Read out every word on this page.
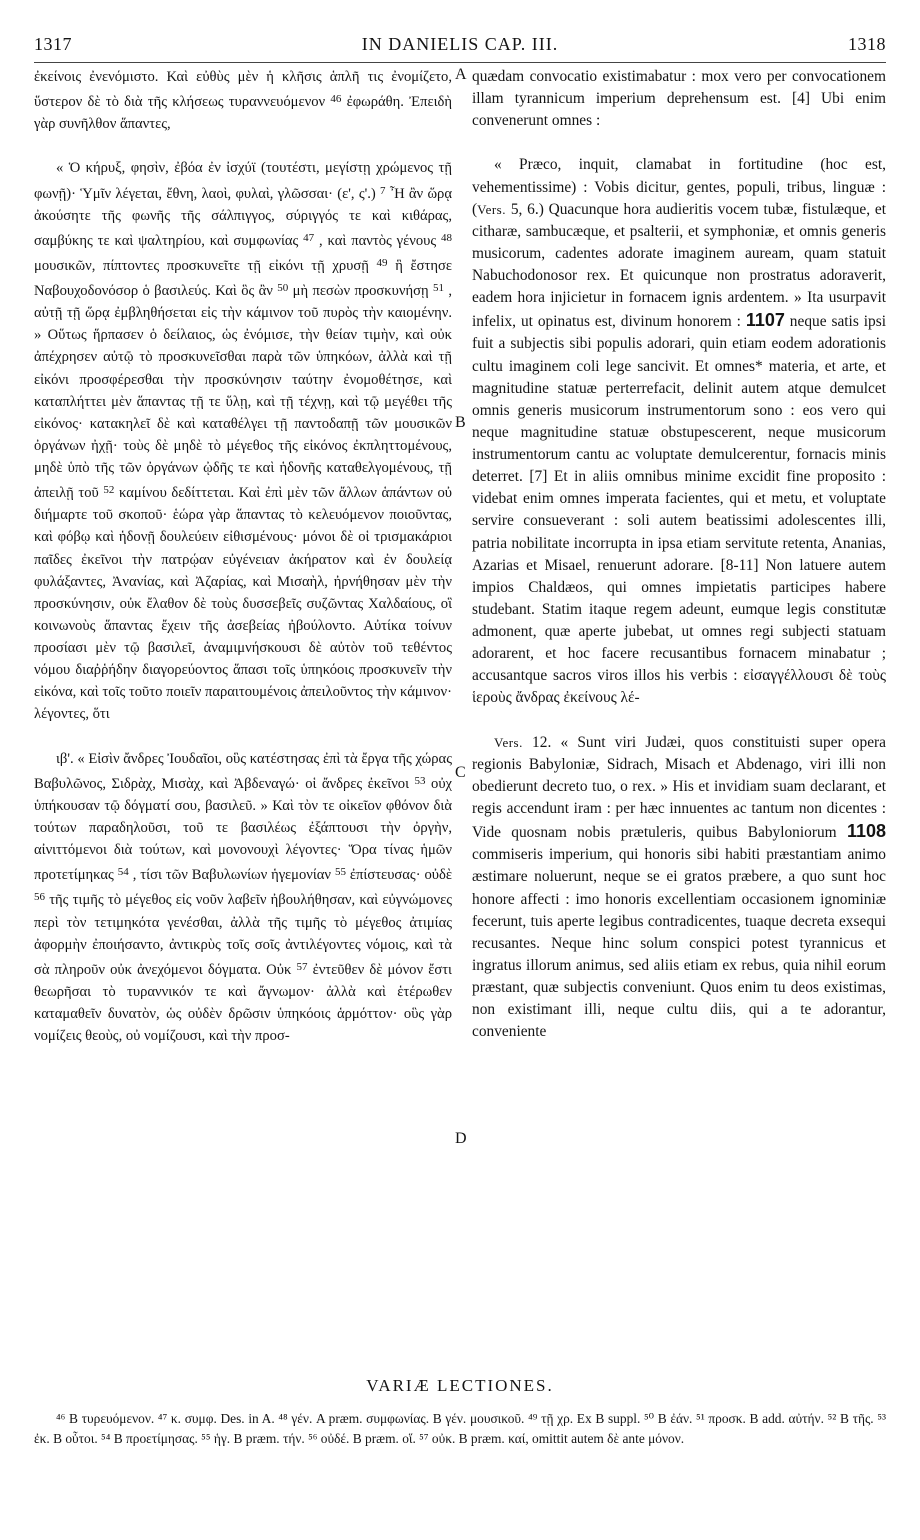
1317	IN DANIELIS CAP. III.	1318

ἐκείνοις ἐνενόμιστο. Καὶ εὐθὺς μὲν ἡ κλῆσις ἁπλῆ τις ἐνομίζετο, ὕστερον δὲ τὸ διὰ τῆς κλήσεως τυραννευόμενον $^{46}$ ἐφωράθη. Ἐπειδὴ γὰρ συνῆλθον ἅπαντες,

« Ὁ κήρυξ, φησὶν, ἐβόα ἐν ἰσχύϊ (τουτέστι, μεγίστῃ χρώμενος τῇ φωνῇ)· Ὑμῖν λέγεται, ἔθνη, λαοὶ, φυλαὶ, γλῶσσαι· (ε', ς'.) $^7$ Ἦ ἂν ὥρᾳ ἀκούσητε τῆς φωνῆς τῆς σάλπιγγος, σύριγγός τε καὶ κιθάρας, σαμβύκης τε καὶ ψαλτηρίου, καὶ συμφωνίας $^{47}$ , καὶ παντὸς γένους $^{48}$ μουσικῶν, πίπτοντες προσκυνεῖτε τῇ εἰκόνι τῇ χρυσῇ $^{49}$ ἣ ἔστησε Ναβουχοδονόσορ ὁ βασιλεύς. Καὶ ὃς ἂν $^{50}$ μὴ πεσὼν προσκυνήσῃ $^{51}$ , αὐτῇ τῇ ὥρᾳ ἐμβληθήσεται εἰς τὴν κάμινον τοῦ πυρὸς τὴν καιομένην. » Οὕτως ἥρπασεν ὁ δείλαιος, ὡς ἐνόμισε, τὴν θείαν τιμὴν, καὶ οὐκ ἀπέχρησεν αὐτῷ τὸ προσκυνεῖσθαι παρὰ τῶν ὑπηκόων, ἀλλὰ καὶ τῇ εἰκόνι προσφέρεσθαι τὴν προσκύνησιν ταύτην ἐνομοθέτησε, καὶ καταπλήττει μὲν ἅπαντας τῇ τε ὕλῃ, καὶ τῇ τέχνῃ, καὶ τῷ μεγέθει τῆς εἰκόνος· κατακηλεῖ δὲ καὶ καταθέλγει τῇ παντοδαπῇ τῶν μουσικῶν ὀργάνων ἠχῇ· τοὺς δὲ μηδὲ τὸ μέγεθος τῆς εἰκόνος ἐκπληττομένους, μηδὲ ὑπὸ τῆς τῶν ὀργάνων ᾠδῆς τε καὶ ἡδονῆς καταθελγομένους, τῇ ἀπειλῇ τοῦ $^{52}$ καμίνου δεδίττεται. Καὶ ἐπὶ μὲν τῶν ἄλλων ἁπάντων οὐ διήμαρτε τοῦ σκοποῦ· ἑώρα γὰρ ἅπαντας τὸ κελευόμενον ποιοῦντας, καὶ φόβῳ καὶ ἡδονῇ δουλεύειν εἰθισμένους· μόνοι δὲ οἱ τρισμακάριοι παῖδες ἐκεῖνοι τὴν πατρῴαν εὐγένειαν ἀκήρατον καὶ ἐν δουλείᾳ φυλάξαντες, Ἀνανίας, καὶ Ἀζαρίας, καὶ Μισαὴλ, ἠρνήθησαν μὲν τὴν προσκύνησιν, οὐκ ἔλαθον δὲ τοὺς δυσσεβεῖς συζῶντας Χαλδαίους, οἳ κοινωνοὺς ἅπαντας ἔχειν τῆς ἀσεβείας ἠβούλοντο. Αὐτίκα τοίνυν προσίασι μὲν τῷ βασιλεῖ, ἀναμιμνήσκουσι δὲ αὐτὸν τοῦ τεθέντος νόμου διαῤῥήδην διαγορεύοντος ἅπασι τοῖς ὑπηκόοις προσκυνεῖν τὴν εἰκόνα, καὶ τοῖς τοῦτο ποιεῖν παραιτουμένοις ἀπειλοῦντος τὴν κάμινον· λέγοντες, ὅτι

ιβ'. « Εἰσὶν ἄνδρες Ἰουδαῖοι, οὓς κατέστησας ἐπὶ τὰ ἔργα τῆς χώρας Βαβυλῶνος, Σιδρὰχ, Μισὰχ, καὶ Ἀβδεναγώ· οἱ ἄνδρες ἐκεῖνοι $^{53}$ οὐχ ὑπήκουσαν τῷ δόγματί σου, βασιλεῦ. » Καὶ τὸν τε οἰκεῖον φθόνον διὰ τούτων παραδηλοῦσι, τοῦ τε βασιλέως ἐξάπτουσι τὴν ὀργὴν, αἰνιττόμενοι διὰ τούτων, καὶ μονονουχὶ λέγοντες· Ὅρα τίνας ἡμῶν προτετίμηκας $^{54}$ , τίσι τῶν Βαβυλωνίων ἡγεμονίαν $^{55}$ ἐπίστευσας· οὐδὲ $^{56}$ τῆς τιμῆς τὸ μέγεθος εἰς νοῦν λαβεῖν ἠβουλήθησαν, καὶ εὐγνώμονες περὶ τὸν τετιμηκότα γενέσθαι, ἀλλὰ τῆς τιμῆς τὸ μέγεθος ἀτιμίας ἀφορμὴν ἐποιήσαντο, ἀντικρὺς τοῖς σοῖς ἀντιλέγοντες νόμοις, καὶ τὰ σὰ πληροῦν οὐκ ἀνεχόμενοι δόγματα. Οὐκ $^{57}$ ἐντεῦθεν δὲ μόνον ἔστι θεωρῆσαι τὸ τυραννικόν τε καὶ ἄγνωμον· ἀλλὰ καὶ ἑτέρωθεν καταμαθεῖν δυνατὸν, ὡς οὐδὲν δρῶσιν ὑπηκόοις ἁρμόττον· οὓς γὰρ νομίζεις θεοὺς, οὐ νομίζουσι, καὶ τὴν προσ-

A
B
C
D

quædam convocatio existimabatur : mox vero per convocationem illam tyrannicum imperium deprehensum est. [4] Ubi enim convenerunt omnes :

« Præco, inquit, clamabat in fortitudine (hoc est, vehementissime) : Vobis dicitur, gentes, populi, tribus, linguæ : (Vers. 5, 6.) Quacunque hora audieritis vocem tubæ, fistulæque, et citharæ, sambucæque, et psalterii, et symphoniæ, et omnis generis musicorum, cadentes adorate imaginem auream, quam statuit Nabuchodonosor rex. Et quicunque non prostratus adoraverit, eadem hora injicietur in fornacem ignis ardentem. » Ita usurpavit infelix, ut opinatus est, divinum honorem : 1107 neque satis ipsi fuit a subjectis sibi populis adorari, quin etiam eodem adorationis cultu imaginem coli lege sancivit. Et omnes* materia, et arte, et magnitudine statuæ perterrefacit, delinit autem atque demulcet omnis generis musicorum instrumentorum sono : eos vero qui neque magnitudine statuæ obstupescerent, neque musicorum instrumentorum cantu ac voluptate demulcerentur, fornacis minis deterret. [7] Et in aliis omnibus minime excidit fine proposito : videbat enim omnes imperata facientes, qui et metu, et voluptate servire consueverant : soli autem beatissimi adolescentes illi, patria nobilitate incorrupta in ipsa etiam servitute retenta, Ananias, Azarias et Misael, renuerunt adorare. [8-11] Non latuere autem impios Chaldæos, qui omnes impietatis participes habere studebant. Statim itaque regem adeunt, eumque legis constitutæ admonent, quæ aperte jubebat, ut omnes regi subjecti statuam adorarent, et hoc facere recusantibus fornacem minabatur ; accusantque sacros viros illos his verbis : εἰσαγγέλλουσι δὲ τοὺς ἱεροὺς ἄνδρας ἐκείνους λέ-

Vers. 12. « Sunt viri Judæi, quos constituisti super opera regionis Babyloniæ, Sidrach, Misach et Abdenago, viri illi non obedierunt decreto tuo, o rex. » His et invidiam suam declarant, et regis accendunt iram : per hæc innuentes ac tantum non dicentes : Vide quosnam nobis prætuleris, quibus Babyloniorum 1108 commiseris imperium, qui honoris sibi habiti præstantiam animo æstimare noluerunt, neque se ei gratos præbere, a quo sunt hoc honore affecti : imo honoris excellentiam occasionem ignominiæ fecerunt, tuis aperte legibus contradicentes, tuaque decreta exsequi recusantes. Neque hinc solum conspici potest tyrannicus et ingratus illorum animus, sed aliis etiam ex rebus, quia nihil eorum præstant, quæ subjectis conveniunt. Quos enim tu deos existimas, non existimant illi, neque cultu diis, qui a te adorantur, conveniente

VARIÆ LECTIONES.

⁴⁶ B τυρευόμενον. ⁴⁷ κ. συμφ. Des. in A. ⁴⁸ γέν. A præm. συμφωνίας. B γέν. μουσικοῦ. ⁴⁹ τῇ χρ. Ex B suppl. ⁵⁰ B ἐάν. ⁵¹ προσκ. B add. αὐτήν. ⁵² B τῆς. ⁵³ ἐκ. B οὗτοι. ⁵⁴ B προετίμησας. ⁵⁵ ἡγ. B præm. τήν. ⁵⁶ οὐδέ. B præm. οἵ. ⁵⁷ οὐκ. B præm. καί, omittit autem δὲ ante μόνον.
